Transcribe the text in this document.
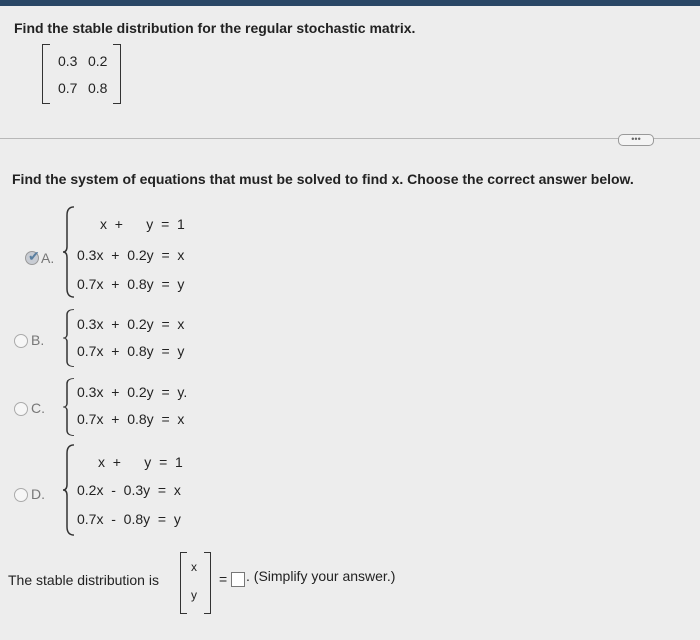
Find the stable distribution for the regular stochastic matrix.
0.3 0.2
0.7 0.8
•••
Find the system of equations that must be solved to find x. Choose the correct answer below.
✔ A.
x  +      y  =  1
0.3x  +  0.2y  =  x
0.7x  +  0.8y  =  y
B.
0.3x  +  0.2y  =  x
0.7x  +  0.8y  =  y
C.
0.3x  +  0.2y  =  y.
0.7x  +  0.8y  =  x
D.
x  +      y  =  1
0.2x  -  0.3y  =  x
0.7x  -  0.8y  =  y
The stable distribution is
x
y
= . (Simplify your answer.)
